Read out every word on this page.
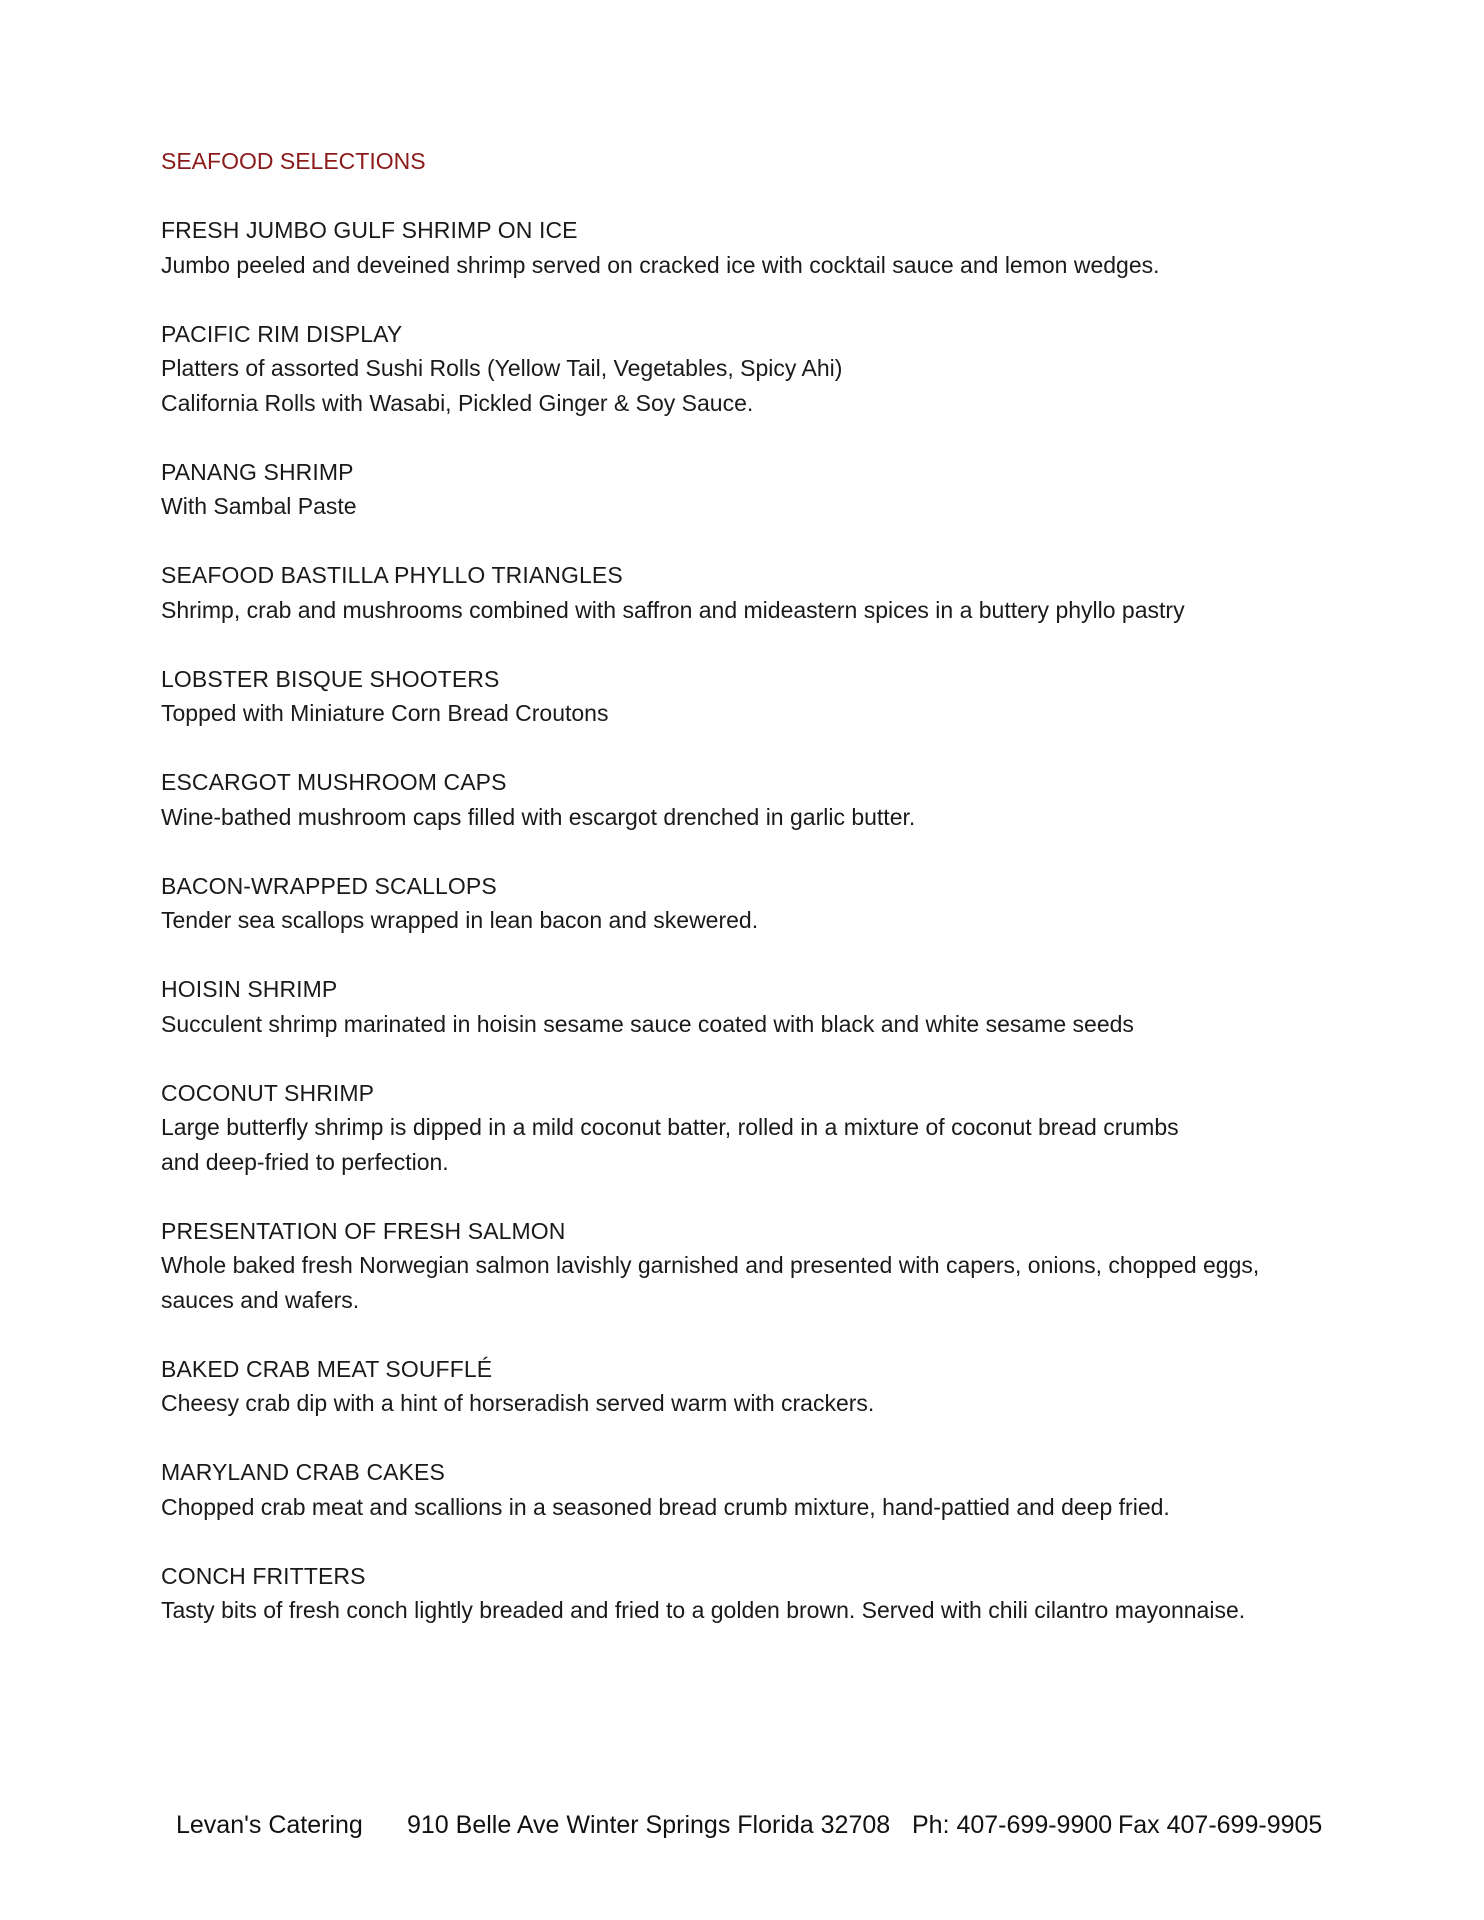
SEAFOOD SELECTIONS

FRESH JUMBO GULF SHRIMP ON ICE

Jumbo peeled and deveined shrimp served on cracked ice with cocktail sauce and lemon wedges.

PACIFIC RIM DISPLAY

Platters of assorted Sushi Rolls (Yellow Tail, Vegetables, Spicy Ahi)

California Rolls with Wasabi, Pickled Ginger & Soy Sauce.

PANANG SHRIMP

With Sambal Paste

SEAFOOD BASTILLA PHYLLO TRIANGLES

Shrimp, crab and mushrooms combined with saffron and mideastern spices in a buttery phyllo pastry

LOBSTER BISQUE SHOOTERS

Topped with Miniature Corn Bread Croutons

ESCARGOT MUSHROOM CAPS

Wine-bathed mushroom caps filled with escargot drenched in garlic butter.

BACON-WRAPPED SCALLOPS

Tender sea scallops wrapped in lean bacon and skewered.

HOISIN SHRIMP

Succulent shrimp marinated in hoisin sesame sauce coated with black and white sesame seeds

COCONUT SHRIMP

Large butterfly shrimp is dipped in a mild coconut batter, rolled in a mixture of coconut bread crumbs

and deep-fried to perfection.

PRESENTATION OF FRESH SALMON

Whole baked fresh Norwegian salmon lavishly garnished and presented with capers, onions, chopped eggs,

sauces and wafers.

BAKED CRAB MEAT SOUFFLÉ

Cheesy crab dip with a hint of horseradish served warm with crackers.

MARYLAND CRAB CAKES

Chopped crab meat and scallions in a seasoned bread crumb mixture, hand-pattied and deep fried.

CONCH FRITTERS

Tasty bits of fresh conch lightly breaded and fried to a golden brown. Served with chili cilantro mayonnaise.

Levan's Catering 910 Belle Ave Winter Springs Florida 32708 Ph: 407-699-9900 Fax 407-699-9905
